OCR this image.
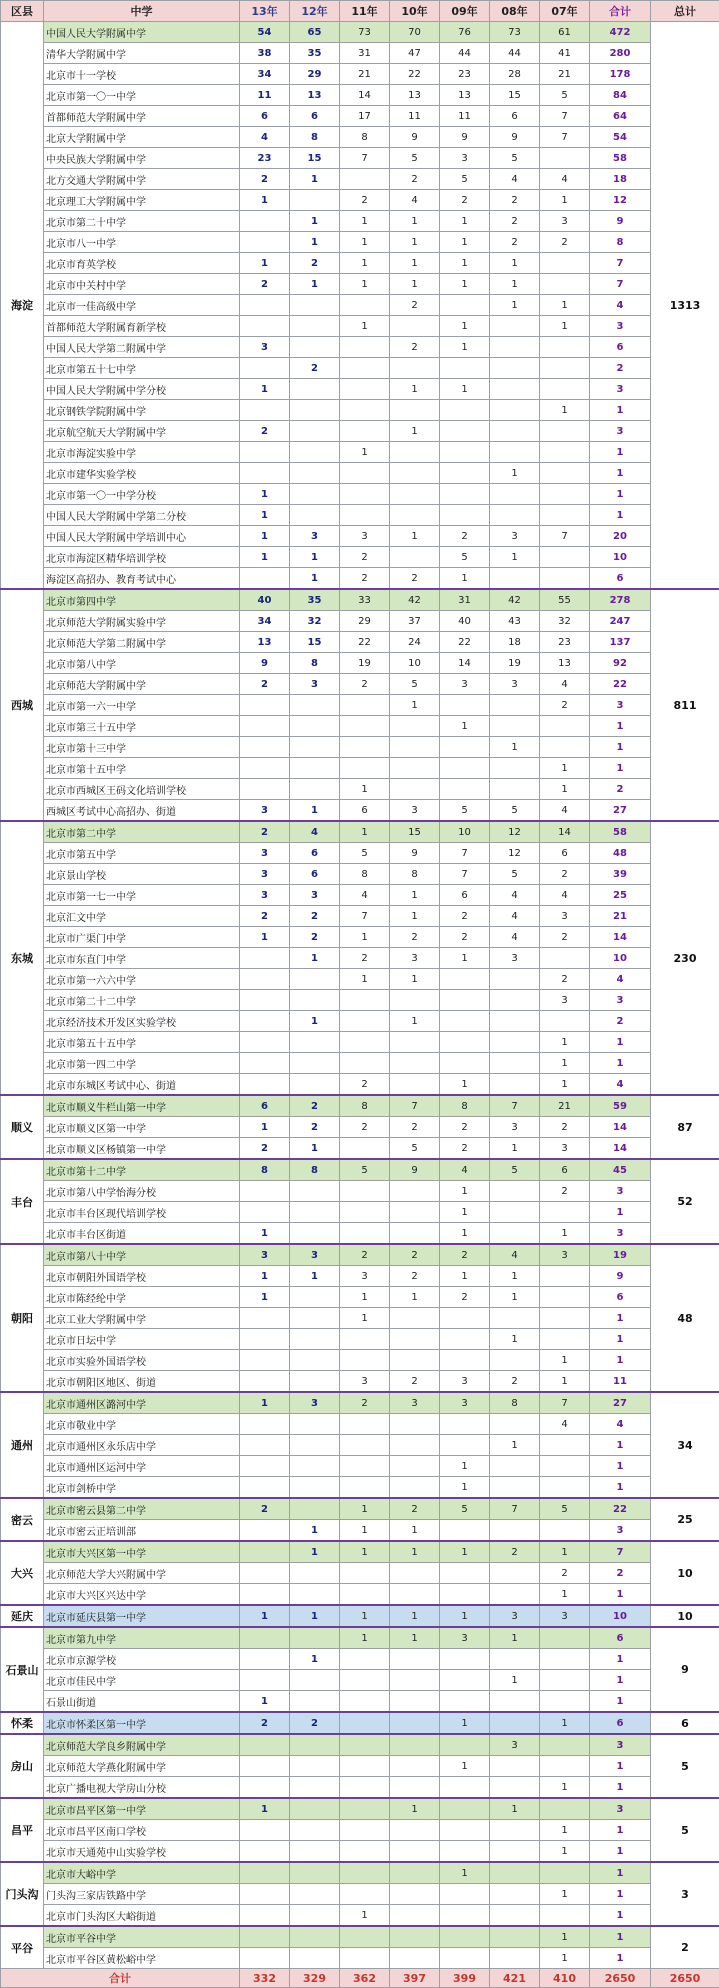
区县	中学	13年	12年	11年	10年	09年	08年	07年	合计	总计
海淀	中国人民大学附属中学	54	65	73	70	76	73	61	472	1313
	清华大学附属中学	38	35	31	47	44	44	41	280	
	北京市十一学校	34	29	21	22	23	28	21	178	
	北京市第一〇一中学	11	13	14	13	13	15	5	84	
	首都师范大学附属中学	6	6	17	11	11	6	7	64	
	北京大学附属中学	4	8	8	9	9	9	7	54	
	中央民族大学附属中学	23	15	7	5	3	5		58	
	北方交通大学附属中学	2	1		2	5	4	4	18	
	北京理工大学附属中学	1		2	4	2	2	1	12	
	北京市第二十中学		1	1	1	1	2	3	9	
	北京市八一中学		1	1	1	1	2	2	8	
	北京市育英学校	1	2	1	1	1	1		7	
	北京市中关村中学	2	1	1	1	1	1		7	
	北京市一佳高级中学				2		1	1	4	
	首都师范大学附属育新学校			1		1		1	3	
	中国人民大学第二附属中学	3			2	1			6	
	北京市第五十七中学		2						2	
	中国人民大学附属中学分校	1			1	1			3	
	北京钢铁学院附属中学							1	1	
	北京航空航天大学附属中学	2			1				3	
	北京市海淀实验中学			1					1	
	北京市建华实验学校						1		1	
	北京市第一〇一中学分校	1							1	
	中国人民大学附属中学第二分校	1							1	
	中国人民大学附属中学培训中心	1	3	3	1	2	3	7	20	
	北京市海淀区精华培训学校	1	1	2		5	1		10	
	海淀区高招办、教育考试中心		1	2	2	1			6	
西城	北京市第四中学	40	35	33	42	31	42	55	278	811
	北京师范大学附属实验中学	34	32	29	37	40	43	32	247	
	北京师范大学第二附属中学	13	15	22	24	22	18	23	137	
	北京市第八中学	9	8	19	10	14	19	13	92	
	北京师范大学附属中学	2	3	2	5	3	3	4	22	
	北京市第一六一中学				1			2	3	
	北京市第三十五中学					1			1	
	北京市第十三中学						1		1	
	北京市第十五中学							1	1	
	北京市西城区王码文化培训学校			1				1	2	
	西城区考试中心高招办、街道	3	1	6	3	5	5	4	27	
东城	北京市第二中学	2	4	1	15	10	12	14	58	230
	北京市第五中学	3	6	5	9	7	12	6	48	
	北京景山学校	3	6	8	8	7	5	2	39	
	北京市第一七一中学	3	3	4	1	6	4	4	25	
	北京汇文中学	2	2	7	1	2	4	3	21	
	北京市广渠门中学	1	2	1	2	2	4	2	14	
	北京市东直门中学		1	2	3	1	3		10	
	北京市第一六六中学			1	1			2	4	
	北京市第二十二中学							3	3	
	北京经济技术开发区实验学校		1		1				2	
	北京市第五十五中学							1	1	
	北京市第一四二中学							1	1	
	北京市东城区考试中心、街道			2		1		1	4	
顺义	北京市顺义牛栏山第一中学	6	2	8	7	8	7	21	59	87
	北京市顺义区第一中学	1	2	2	2	2	3	2	14	
	北京市顺义区杨镇第一中学	2	1		5	2	1	3	14	
丰台	北京市第十二中学	8	8	5	9	4	5	6	45	52
	北京市第八中学怡海分校					1		2	3	
	北京市丰台区现代培训学校					1			1	
	北京市丰台区街道	1				1		1	3	
朝阳	北京市第八十中学	3	3	2	2	2	4	3	19	48
	北京市朝阳外国语学校	1	1	3	2	1	1		9	
	北京市陈经纶中学	1		1	1	2	1		6	
	北京工业大学附属中学			1					1	
	北京市日坛中学						1		1	
	北京市实验外国语学校							1	1	
	北京市朝阳区地区、街道			3	2	3	2	1	11	
通州	北京市通州区潞河中学	1	3	2	3	3	8	7	27	34
	北京市敬业中学							4	4	
	北京市通州区永乐店中学						1		1	
	北京市通州区运河中学					1			1	
	北京市剑桥中学					1			1	
密云	北京市密云县第二中学	2		1	2	5	7	5	22	25
	北京市密云正培训部		1	1	1				3	
大兴	北京市大兴区第一中学		1	1	1	1	2	1	7	10
	北京师范大学大兴附属中学							2	2	
	北京市大兴区兴达中学							1	1	
延庆	北京市延庆县第一中学	1	1	1	1	1	3	3	10	10
石景山	北京市第九中学			1	1	3	1		6	9
	北京市京源学校		1						1	
	北京市佳民中学						1		1	
	石景山街道	1							1	
怀柔	北京市怀柔区第一中学	2	2			1		1	6	6
房山	北京师范大学良乡附属中学						3		3	5
	北京师范大学燕化附属中学					1			1	
	北京广播电视大学房山分校							1	1	
昌平	北京市昌平区第一中学	1			1		1		3	5
	北京市昌平区南口学校							1	1	
	北京市天通苑中山实验学校							1	1	
门头沟	北京市大峪中学					1			1	3
	门头沟三家店铁路中学							1	1	
	北京市门头沟区大峪街道			1					1	
平谷	北京市平谷中学							1	1	2
	北京市平谷区黄松峪中学							1	1	
合计		332	329	362	397	399	421	410	2650	2650
